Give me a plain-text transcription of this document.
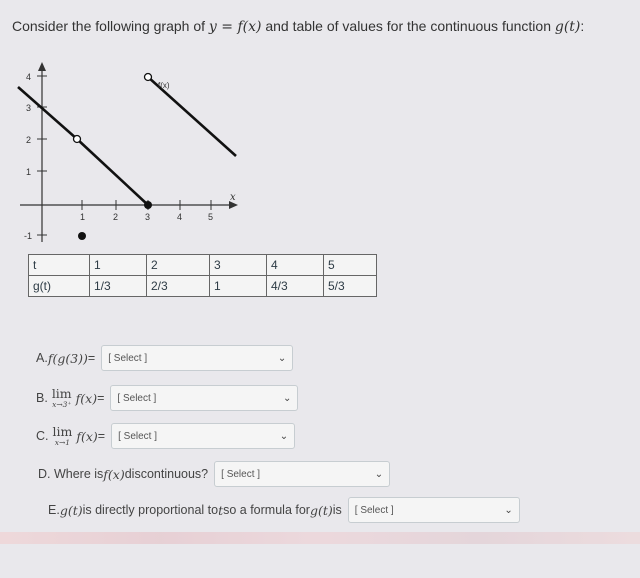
Consider the following graph of y = f(x) and table of values for the continuous function g(t):
4
3
2
1
-1
1	2	3	4	5
x
f(x)
t	1	2	3	4	5
g(t)	1/3	2/3	1	4/3	5/3
A. f(g(3)) = [ Select ]	⌄
B. lim
x→3⁺ f(x) = [ Select ]	⌄
C. lim
x→1 f(x) = [ Select ]	⌄
D. Where is f(x) discontinuous? [ Select ]	⌄
E. g(t) is directly proportional to t so a formula for g(t) is [ Select ]	⌄
